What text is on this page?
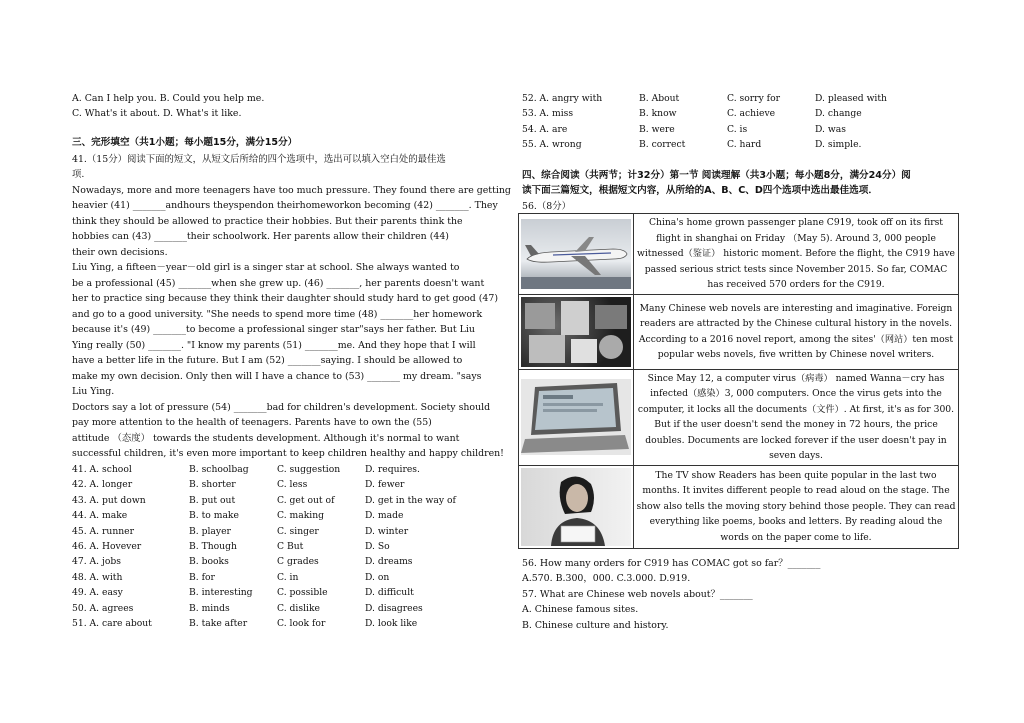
A. Can I help you. B. Could you help me.
C. What's it about. D. What's it like.
三、完形填空（共1小题；每小题15分，满分15分）
41.（15分）阅读下面的短文，从短文后所给的四个选项中，选出可以填入空白处的最佳选
项.
Nowadays, more and more teenagers have too much pressure. They found there are getting
heavier (41) _______andhours theyspendon theirhomeworkon becoming (42) _______. They
think they should be allowed to practice their hobbies. But their parents think the
hobbies can (43) _______their schoolwork. Her parents allow their children (44)
their own decisions.
Liu Ying, a fifteen－year－old girl is a singer star at school. She always wanted to
be a professional (45) _______when she grew up. (46) _______, her parents doesn't want
her to practice sing because they think their daughter should study hard to get good (47)
and go to a good university. "She needs to spend more time (48) _______her homework
because it's (49) _______to become a professional singer star"says her father. But Liu
Ying really (50) _______. "I know my parents (51) _______me. And they hope that I will
have a better life in the future. But I am (52) _______saying. I should be allowed to
make my own decision. Only then will I have a chance to (53) _______ my dream. "says
Liu Ying.
Doctors say a lot of pressure (54) _______bad for children's development. Society should
pay more attention to the health of teenagers. Parents have to own the (55)
attitude （态度） towards the students development. Although it's normal to want
successful children, it's even more important to keep children healthy and happy children!
41. A. school	B. schoolbag	C. suggestion	D. requires.
42. A. longer	B. shorter	C. less	D. fewer
43. A. put down	B. put out	C. get out of	D. get in the way of
44. A. make	B. to make	C. making	D. made
45. A. runner	B. player	C. singer	D. winter
46. A. Hovever	B. Though	C But	D. So
47. A. jobs	B. books	C grades	D. dreams
48. A. with	B. for	C. in	D. on
49. A. easy	B. interesting	C. possible	D. difficult
50. A. agrees	B. minds	C. dislike	D. disagrees
51. A. care about	B. take after	C. look for	D. look like
52. A. angry with	B. About	C. sorry for	D. pleased with
53. A. miss	B. know	C. achieve	D. change
54. A. are	B. were	C. is	D. was
55. A. wrong	B. correct	C. hard	D. simple.
四、综合阅读（共两节；计32分）第一节 阅读理解（共3小题；每小题8分，满分24分）阅
读下面三篇短文，根据短文内容，从所给的A、B、C、D四个选项中选出最佳选项．
56.（8分）
	China's home grown passenger plane C919, took off on its first flight in shanghai on Friday （May 5). Around 3, 000 people witnessed（鉴证） historic moment. Before the flight, the C919 have passed serious strict tests since November 2015. So far, COMAC has received 570 orders for the C919.

	Many Chinese web novels are interesting and imaginative. Foreign readers are attracted by the Chinese cultural history in the novels. According to a 2016 novel report, among the sites'（网站）ten most popular webs novels, five written by Chinese novel writers.

	Since May 12, a computer virus（病毒） named Wanna－cry has infected（感染）3, 000 computers. Once the virus gets into the computer, it locks all the documents（文件）. At first, it's as for 300. But if the user doesn't send the money in 72 hours, the price doubles. Documents are locked forever if the user doesn't pay in seven days.

	The TV show Readers has been quite popular in the last two months. It invites different people to read aloud on the stage. The show also tells the moving story behind those people. They can read everything like poems, books and letters. By reading aloud the words on the paper come to life.
56. How many orders for C919 has COMAC got so far？_______
A.570. B.300，000. C.3.000. D.919.
57. What are Chinese web novels about？_______
A. Chinese famous sites.
B. Chinese culture and history.
